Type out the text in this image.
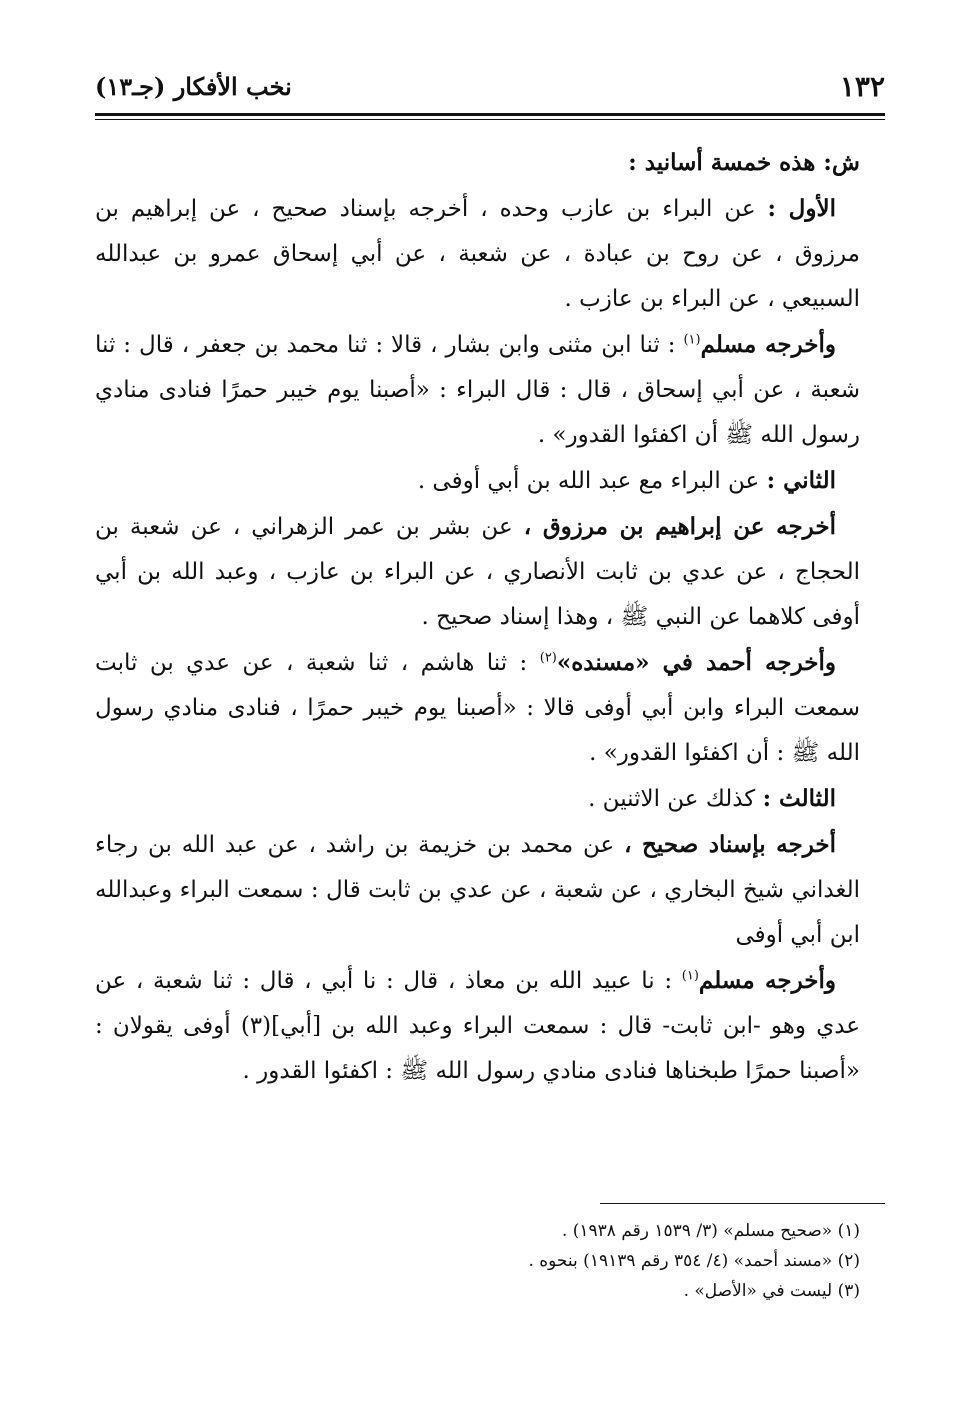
١٣٢
نخب الأفكار (جـ١٣)

ش: هذه خمسة أسانيد :

الأول : عن البراء بن عازب وحده ، أخرجه بإسناد صحيح ، عن إبراهيم بن مرزوق ، عن روح بن عبادة ، عن شعبة ، عن أبي إسحاق عمرو بن عبدالله السبيعي ، عن البراء بن عازب .

وأخرجه مسلم$^{(١)}$ : ثنا ابن مثنى وابن بشار ، قالا : ثنا محمد بن جعفر ، قال : ثنا شعبة ، عن أبي إسحاق ، قال : قال البراء : «أصبنا يوم خيبر حمرًا فنادى منادي رسول الله ﷺ أن اكفئوا القدور» .

الثاني : عن البراء مع عبد الله بن أبي أوفى .

أخرجه عن إبراهيم بن مرزوق ، عن بشر بن عمر الزهراني ، عن شعبة بن الحجاج ، عن عدي بن ثابت الأنصاري ، عن البراء بن عازب ، وعبد الله بن أبي أوفى كلاهما عن النبي ﷺ ، وهذا إسناد صحيح .

وأخرجه أحمد في «مسنده»$^{(٢)}$ : ثنا هاشم ، ثنا شعبة ، عن عدي بن ثابت سمعت البراء وابن أبي أوفى قالا : «أصبنا يوم خيبر حمرًا ، فنادى منادي رسول الله ﷺ : أن اكفئوا القدور» .

الثالث : كذلك عن الاثنين .

أخرجه بإسناد صحيح ، عن محمد بن خزيمة بن راشد ، عن عبد الله بن رجاء الغداني شيخ البخاري ، عن شعبة ، عن عدي بن ثابت قال : سمعت البراء وعبدالله ابن أبي أوفى

وأخرجه مسلم$^{(١)}$ : نا عبيد الله بن معاذ ، قال : نا أبي ، قال : ثنا شعبة ، عن عدي وهو -ابن ثابت- قال : سمعت البراء وعبد الله بن [أبي](٣) أوفى يقولان : «أصبنا حمرًا طبخناها فنادى منادي رسول الله ﷺ : اكفئوا القدور .

(١) «صحيح مسلم» (٣/ ١٥٣٩ رقم ١٩٣٨) .

(٢) «مسند أحمد» (٤/ ٣٥٤ رقم ١٩١٣٩) بنحوه .

(٣) ليست في «الأصل» .
